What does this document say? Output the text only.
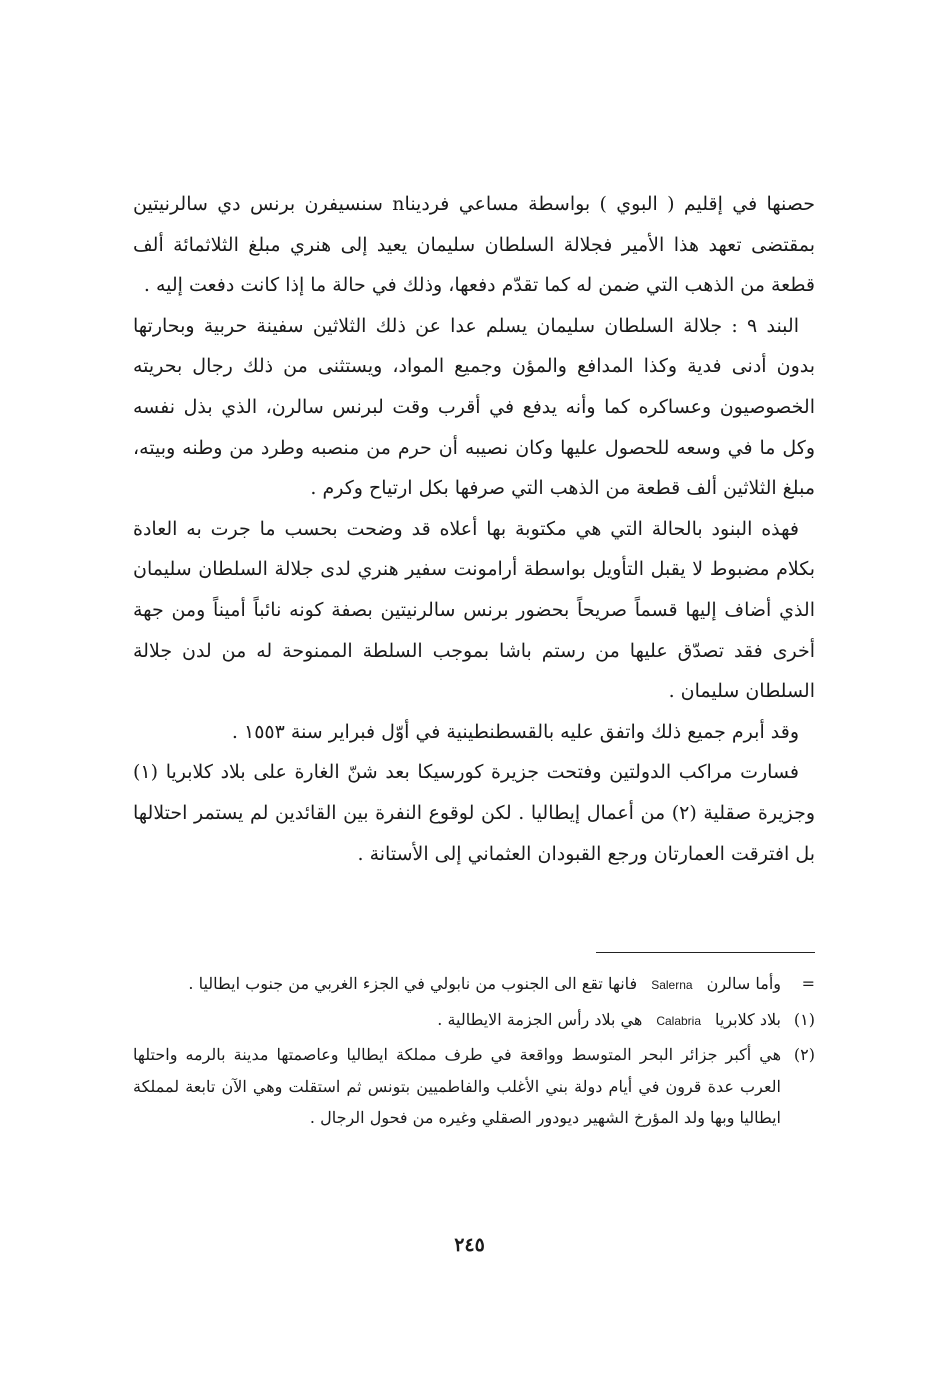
حصنها في إقليم ( البوي ) بواسطة مساعي فرديناn سنسيفرن برنس دي سالرنيتين بمقتضى تعهد هذا الأمير فجلالة السلطان سليمان يعيد إلى هنري مبلغ الثلاثمائة ألف قطعة من الذهب التي ضمن له كما تقدّم دفعها، وذلك في حالة ما إذا كانت دفعت إليه .

البند ٩ : جلالة السلطان سليمان يسلم عدا عن ذلك الثلاثين سفينة حربية وبحارتها بدون أدنى فدية وكذا المدافع والمؤن وجميع المواد، ويستثنى من ذلك رجال بحريته الخصوصيون وعساكره كما وأنه يدفع في أقرب وقت لبرنس سالرن، الذي بذل نفسه وكل ما في وسعه للحصول عليها وكان نصيبه أن حرم من منصبه وطرد من وطنه وبيته، مبلغ الثلاثين ألف قطعة من الذهب التي صرفها بكل ارتياح وكرم .

فهذه البنود بالحالة التي هي مكتوبة بها أعلاه قد وضحت بحسب ما جرت به العادة بكلام مضبوط لا يقبل التأويل بواسطة أرامونت سفير هنري لدى جلالة السلطان سليمان الذي أضاف إليها قسماً صريحاً بحضور برنس سالرنيتين بصفة كونه نائباً أميناً ومن جهة أخرى فقد تصدّق عليها من رستم باشا بموجب السلطة الممنوحة له من لدن جلالة السلطان سليمان .

وقد أبرم جميع ذلك واتفق عليه بالقسطنطينية في أوّل فبراير سنة ١٥٥٣ .

فسارت مراكب الدولتين وفتحت جزيرة كورسيكا بعد شنّ الغارة على بلاد كلابريا (١) وجزيرة صقلية (٢) من أعمال إيطاليا . لكن لوقوع النفرة بين القائدين لم يستمر احتلالها بل افترقت العمارتان ورجع القبودان العثماني إلى الأستانة .

=
وأما سالرنSalernaفانها تقع الى الجنوب من نابولي في الجزء الغربي من جنوب ايطاليا .
(١)
بلاد كلابرياCalabriaهي بلاد رأس الجزمة الايطالية .
(٢)
هي أكبر جزائر البحر المتوسط وواقعة في طرف مملكة ايطاليا وعاصمتها مدينة بالرمه واحتلها العرب عدة قرون في أيام دولة بني الأغلب والفاطميين بتونس ثم استقلت وهي الآن تابعة لمملكة ايطاليا وبها ولد المؤرخ الشهير ديودور الصقلي وغيره من فحول الرجال .
٢٤٥
